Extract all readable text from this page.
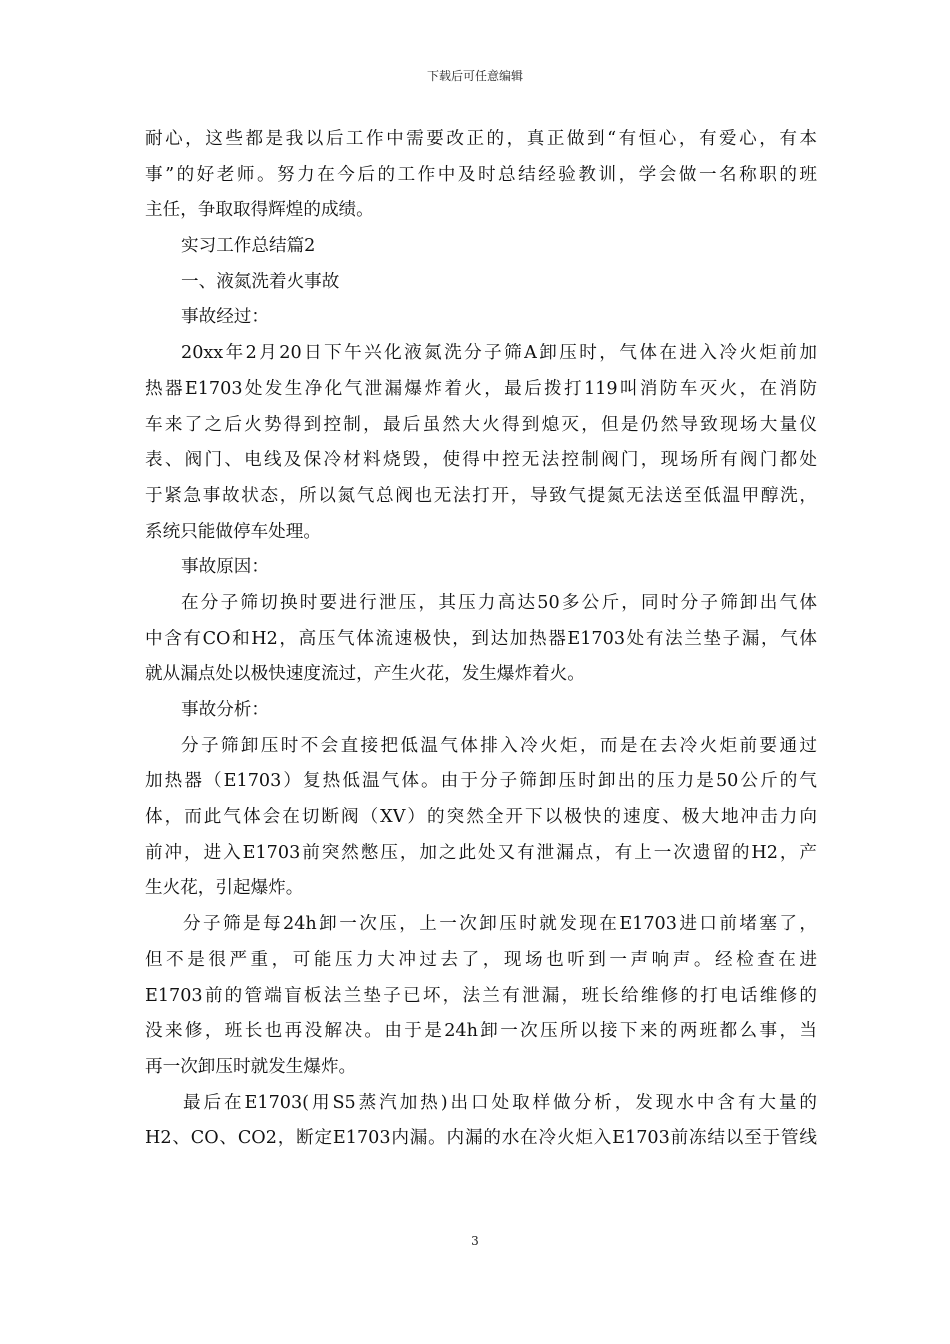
下载后可任意编辑
耐心，这些都是我以后工作中需要改正的，真正做到“有恒心，有爱心，有本
事”的好老师。努力在今后的工作中及时总结经验教训，学会做一名称职的班
主任，争取取得辉煌的成绩。
实习工作总结篇2
一、液氮洗着火事故
事故经过：
20xx年2月20日下午兴化液氮洗分子筛A卸压时，气体在进入冷火炬前加
热器E1703处发生净化气泄漏爆炸着火，最后拨打119叫消防车灭火，在消防
车来了之后火势得到控制，最后虽然大火得到熄灭，但是仍然导致现场大量仪
表、阀门、电线及保冷材料烧毁，使得中控无法控制阀门，现场所有阀门都处
于紧急事故状态，所以氮气总阀也无法打开，导致气提氮无法送至低温甲醇洗，
系统只能做停车处理。
事故原因：
在分子筛切换时要进行泄压，其压力高达50多公斤，同时分子筛卸出气体
中含有CO和H2，高压气体流速极快，到达加热器E1703处有法兰垫子漏，气体
就从漏点处以极快速度流过，产生火花，发生爆炸着火。
事故分析：
分子筛卸压时不会直接把低温气体排入冷火炬，而是在去冷火炬前要通过
加热器（E1703）复热低温气体。由于分子筛卸压时卸出的压力是50公斤的气
体，而此气体会在切断阀（XV）的突然全开下以极快的速度、极大地冲击力向
前冲，进入E1703前突然憋压，加之此处又有泄漏点，有上一次遗留的H2，产
生火花，引起爆炸。
分子筛是每24h卸一次压，上一次卸压时就发现在E1703进口前堵塞了，
但不是很严重，可能压力大冲过去了，现场也听到一声响声。经检查在进
E1703前的管端盲板法兰垫子已坏，法兰有泄漏，班长给维修的打电话维修的
没来修，班长也再没解决。由于是24h卸一次压所以接下来的两班都么事，当
再一次卸压时就发生爆炸。
最后在E1703(用S5蒸汽加热)出口处取样做分析，发现水中含有大量的
H2、CO、CO2，断定E1703内漏。内漏的水在冷火炬入E1703前冻结以至于管线
3
